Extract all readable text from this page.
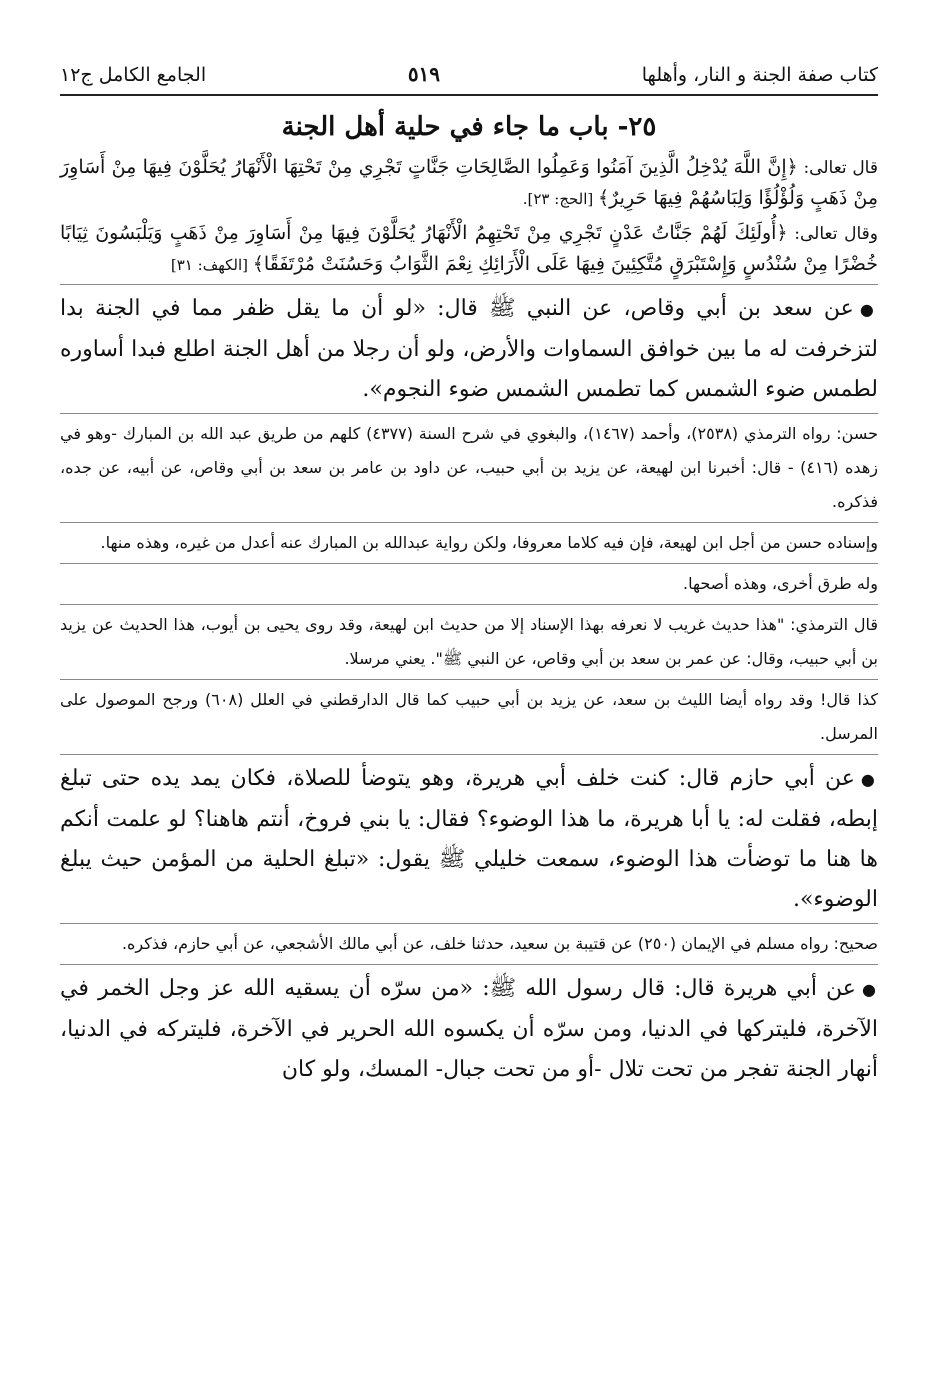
كتاب صفة الجنة و النار، وأهلها
٥١٩
الجامع الكامل ج١٢
٢٥- باب ما جاء في حلية أهل الجنة

قال تعالى: ﴿إِنَّ اللَّهَ يُدْخِلُ الَّذِينَ آمَنُوا وَعَمِلُوا الصَّالِحَاتِ جَنَّاتٍ تَجْرِي مِنْ تَحْتِهَا الْأَنْهَارُ يُحَلَّوْنَ فِيهَا مِنْ أَسَاوِرَ مِنْ ذَهَبٍ وَلُؤْلُؤًا وَلِبَاسُهُمْ فِيهَا حَرِيرٌ﴾ [الحج: ٢٣].

وقال تعالى: ﴿أُولَئِكَ لَهُمْ جَنَّاتُ عَدْنٍ تَجْرِي مِنْ تَحْتِهِمُ الْأَنْهَارُ يُحَلَّوْنَ فِيهَا مِنْ أَسَاوِرَ مِنْ ذَهَبٍ وَيَلْبَسُونَ ثِيَابًا خُضْرًا مِنْ سُنْدُسٍ وَإِسْتَبْرَقٍ مُتَّكِئِينَ فِيهَا عَلَى الْأَرَائِكِ نِعْمَ الثَّوَابُ وَحَسُنَتْ مُرْتَفَقًا﴾ [الكهف: ٣١]

●عن سعد بن أبي وقاص، عن النبي ﷺ قال: «لو أن ما يقل ظفر مما في الجنة بدا لتزخرفت له ما بين خوافق السماوات والأرض، ولو أن رجلا من أهل الجنة اطلع فبدا أساوره لطمس ضوء الشمس كما تطمس الشمس ضوء النجوم».

حسن: رواه الترمذي (٢٥٣٨)، وأحمد (١٤٦٧)، والبغوي في شرح السنة (٤٣٧٧) كلهم من طريق عبد الله بن المبارك -وهو في زهده (٤١٦) - قال: أخبرنا ابن لهيعة، عن يزيد بن أبي حبيب، عن داود بن عامر بن سعد بن أبي وقاص، عن أبيه، عن جده، فذكره.

وإسناده حسن من أجل ابن لهيعة، فإن فيه كلاما معروفا، ولكن رواية عبدالله بن المبارك عنه أعدل من غيره، وهذه منها.

وله طرق أخرى، وهذه أصحها.

قال الترمذي: "هذا حديث غريب لا نعرفه بهذا الإسناد إلا من حديث ابن لهيعة، وقد روى يحيى بن أيوب، هذا الحديث عن يزيد بن أبي حبيب، وقال: عن عمر بن سعد بن أبي وقاص، عن النبي ﷺ". يعني مرسلا.

كذا قال! وقد رواه أيضا الليث بن سعد، عن يزيد بن أبي حبيب كما قال الدارقطني في العلل (٦٠٨) ورجح الموصول على المرسل.

●عن أبي حازم قال: كنت خلف أبي هريرة، وهو يتوضأ للصلاة، فكان يمد يده حتى تبلغ إبطه، فقلت له: يا أبا هريرة، ما هذا الوضوء؟ فقال: يا بني فروخ، أنتم هاهنا؟ لو علمت أنكم ها هنا ما توضأت هذا الوضوء، سمعت خليلي ﷺ يقول: «تبلغ الحلية من المؤمن حيث يبلغ الوضوء».

صحيح: رواه مسلم في الإيمان (٢٥٠) عن قتيبة بن سعيد، حدثنا خلف، عن أبي مالك الأشجعي، عن أبي حازم، فذكره.

●عن أبي هريرة قال: قال رسول الله ﷺ: «من سرّه أن يسقيه الله عز وجل الخمر في الآخرة، فليتركها في الدنيا، ومن سرّه أن يكسوه الله الحرير في الآخرة، فليتركه في الدنيا، أنهار الجنة تفجر من تحت تلال -أو من تحت جبال- المسك، ولو كان
